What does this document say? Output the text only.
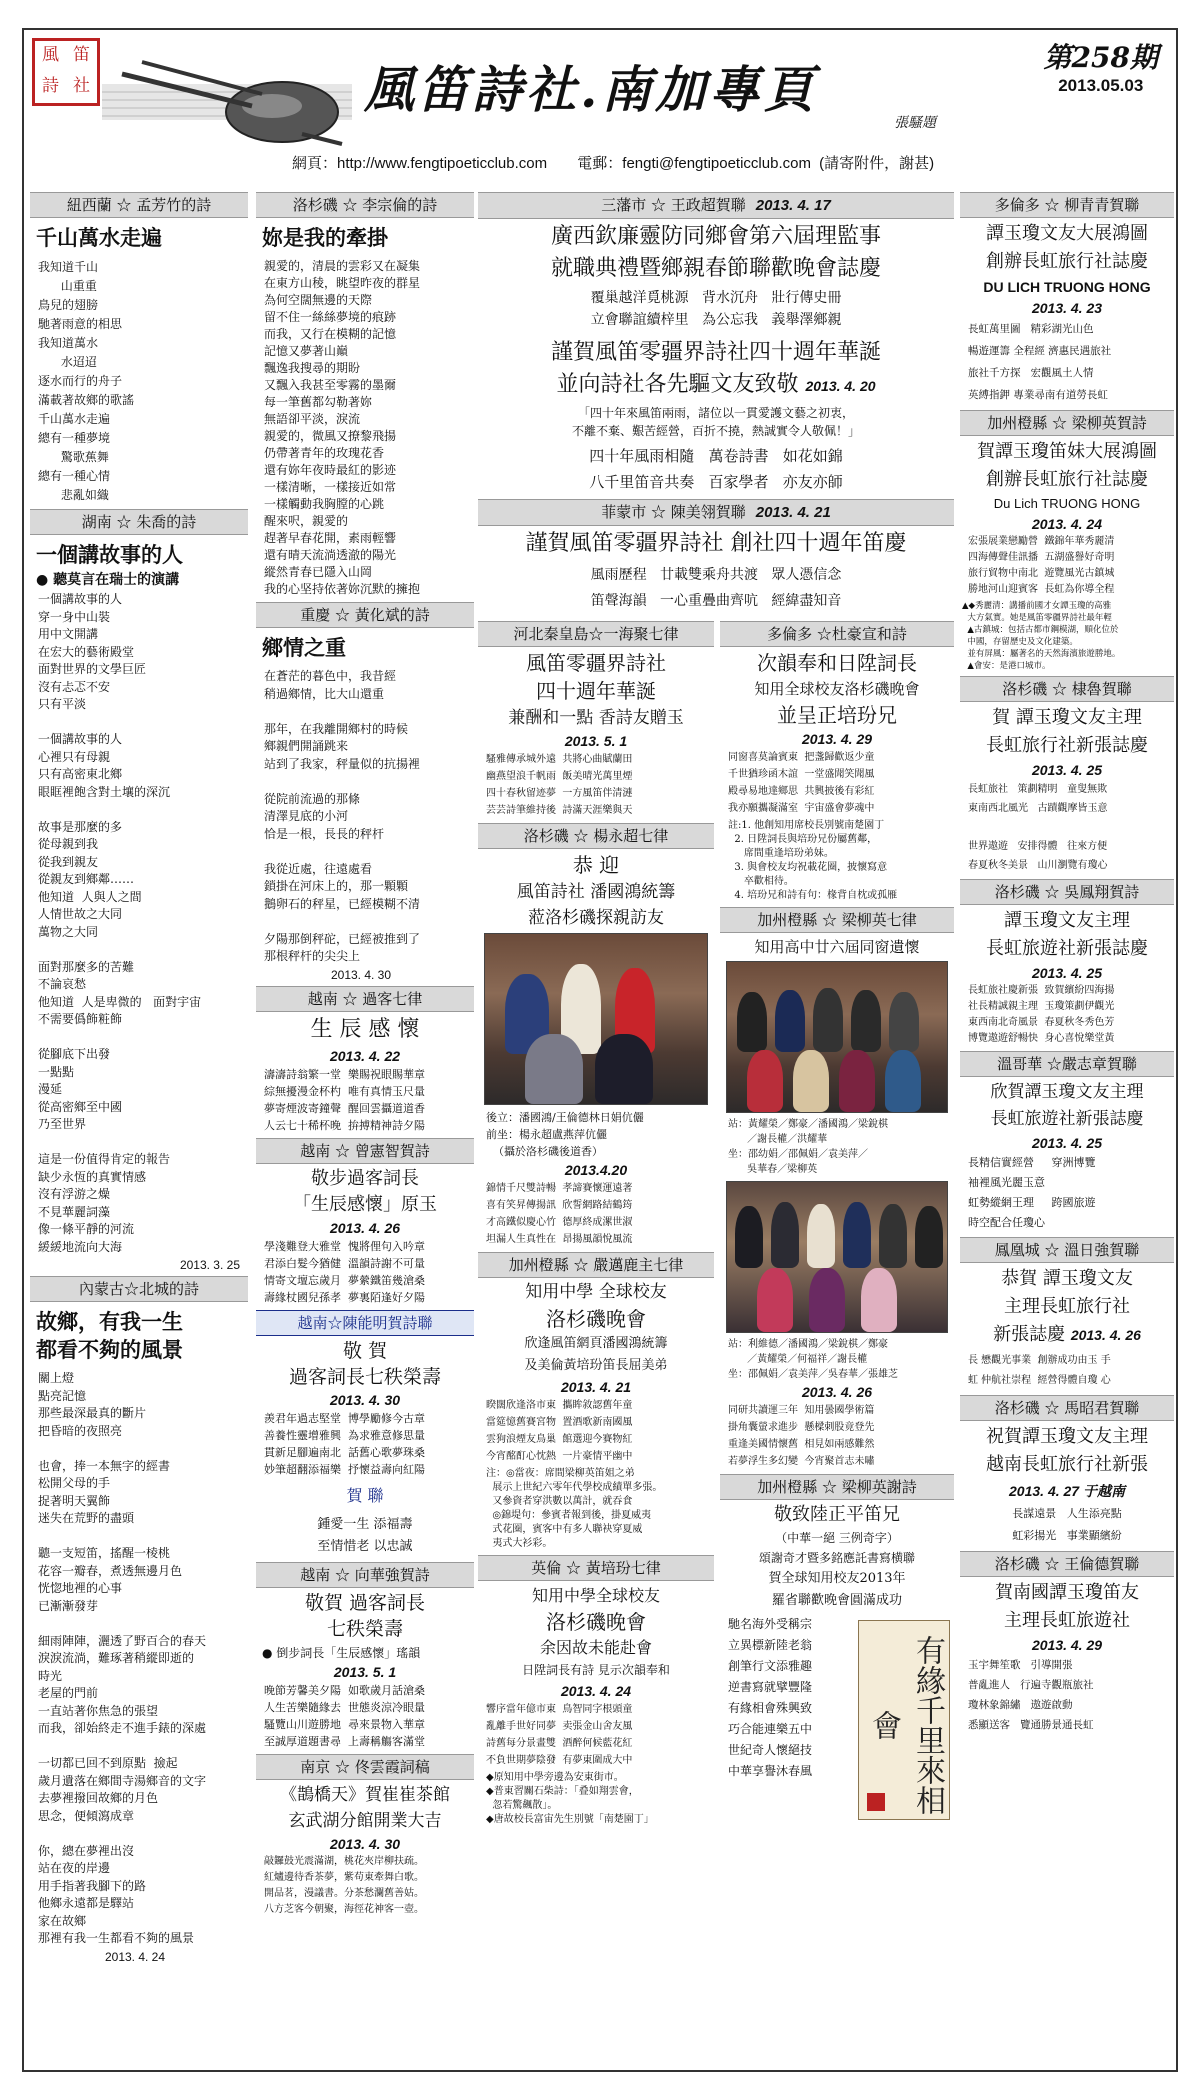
風 笛
詩 社	風笛詩社.南加專頁
張騷題
第258期
2013.05.03
網頁：http://www.fengtipoeticclub.com 電郵：fengti@fengtipoeticclub.com (請寄附件，謝甚)
紐西蘭 ☆ 孟芳竹的詩
千山萬水走遍
我知道千山
山重重
鳥兒的翅膀
馳著雨意的相思
我知道萬水
水迢迢
逐水而行的舟子
滿載著故鄉的歌謠
千山萬水走遍
總有一種夢境
驚歌蕉舞
總有一種心情
悲亂如織
湖南 ☆ 朱喬的詩
一個講故事的人
● 聽莫言在瑞士的演講
一個講故事的人
穿一身中山裝
用中文開講
在宏大的藝術殿堂
面對世界的文學巨匠
沒有忐忑不安
只有平淡

一個講故事的人
心裡只有母親
只有高密東北鄉
眼眶裡飽含對土壤的深沉

故事是那麼的多
從母親到我
從我到親友
從親友到鄉鄰……
他知道  人與人之間
人情世故之大同
萬物之大同

面對那麼多的苦難
不論哀愁
他知道  人是卑微的   面對宇宙
不需要僞飾粧飾

從腳底下出發
一點點
漫延
從高密鄉至中國
乃至世界

這是一份值得肯定的報告
缺少永恆的真實情感
沒有浮游之燥
不見華麗詞藻
像一條平靜的河流
緩緩地流向大海
2013. 3. 25
內蒙古☆北城的詩
故鄉，有我一生
都看不夠的風景
關上燈
點亮記憶
那些最深最真的斷片
把昏暗的夜照亮

也會，捧一本無字的經書
松開父母的手
捉著明天翼飾
迷失在荒野的盡頭

聽一支短笛，搖醒一棱桃
花容一瓣春，煮透無邊月色
恍惚地裡的心事
已漸漸發芽

細雨陣陣，灑透了野百合的春天
淚淚流淌，難琢著稍縱即逝的
時光
老屋的門前
一直站著你焦急的張望
而我，卻始終走不進手錶的深處

一切都已回不到原點  撿起
歲月遺落在鄉間寺湯鄉音的文字
去夢裡撥回故鄉的月色
思念，便傾瀉成章

你，總在夢裡出沒
站在夜的岸邊
用手指著我腳下的路
他鄉永遠都是驛站
家在故鄉
那裡有我一生都看不夠的風景
2013. 4. 24
洛杉磯 ☆ 李宗倫的詩
妳是我的牽掛
親愛的，清晨的雲彩又在凝集
在東方山稜，眺望昨夜的群星
為何空闊無邊的天際
留不住一絲絲夢境的痕跡
而我，又行在模糊的記憶
記憶又夢著山巔
飄逸我搜尋的期盼
又飄入我甚至零霧的墨爾
每一筆舊都勾勒著妳
無語卻平淡，淚流
親愛的，微風又撩黎飛揚
仍帶著青年的玫瑰花香
還有妳年夜時最紅的影迹
一樣清晰，一樣接近如常
一樣觸動我胸膛的心跳
醒來呎，親愛的
趕著早春花開，素雨輕響
還有晴天流淌透澈的陽光
縱然青春已隱入山岡
我的心坚持依著妳沉默的擁抱
重慶 ☆ 黃化斌的詩
鄉情之重
在蒼茫的暮色中，我昔經
稍過鄉情，比大山還重

那年，在我離開鄉村的時候
鄉親們開誦跳来
站到了我家，秤量似的抗揚裡

從院前流過的那條
清澤見底的小河
恰是一根，長長的秤杆

我從近處，往遠處看
鎖掛在河床上的，那一顆顆
鵝卵石的秤星，已經模糊不清

夕陽那倒秤砣，已經被推到了
那根秤杆的尖尖上
2013. 4. 30
越南 ☆ 過客七律
生 辰 感 懷
2013. 4. 22
濤濤詩翁繁一堂  樂賜祝眼賜華章
綜無擾漫金杯杓  唯有真情玉尺量
夢寄煙波寄鐘聲  醒回雲攝道道香
人云七十稀杯晚  拚搏精神詩夕陽
越南 ☆ 曾憲智賀詩
敬步過客詞長
「生辰感懷」原玉
2013. 4. 26
學淺難登大雅堂  愧將俚句入吟章
君添白髮今猶健  溫韻詩謝不可量
情寄文壇忘歲月  夢縈鐵笛幾滄桑
壽緣杖國兒孫孝  夢裏陌逢好夕陽
越南☆陳能明賀詩聯
敬 賀
過客詞長七秩榮壽
2013. 4. 30
羨君年過志堅堂  博學勵修今古章
善養性靈增雅興  為求雅意修思量
貫新足腳遍南北  話舊心歌夢珠桑
妙筆超翻添福樂  抒懷益壽向紅陽
賀 聯
鍾愛一生 添福壽
至情惜老 以忠誠
越南 ☆ 向華強賀詩
敬賀 過客詞長
七秩榮壽
● 倒步詞長「生辰感懷」瑤韻
2013. 5. 1
晚節芳馨美夕陽  如歌歲月話滄桑
人生苦樂隨緣去  世態炎涼冷眼量
騷覽山川遊勝地  尋來景物入華章
至誠厚道題書尋  上壽稱觴客滿堂
南京 ☆ 佟雲霞詞稿
《鵲橋天》賀崔崔茶館
玄武湖分館開業大吉
2013. 4. 30
敲鑼鼓光震滿湖，桃花夾岸柳扶疏。
紅爐邊待香茶夢，紫苟東牽舞白歌。
開品茗，漫議書。分茶愁瀾舊善姑。
八方芝客今朝聚，海徑花神客一壺。
三藩市 ☆ 王政超賀聯 2013. 4. 17
廣西欽廉靈防同鄉會第六屆理監事
就職典禮暨鄉親春節聯歡晚會誌慶
覆巢越洋覓桃源   背水沉舟   壯行傳史冊
立會聯誼續梓里   為公忘我   義舉澤鄉親
謹賀風笛零疆界詩社四十週年華誕
並向詩社各先驅文友致敬 2013. 4. 20
「四十年來風笛兩雨，諸位以一貫愛護文藝之初衷，
不離不棄、艱苦經營，百折不撓，熱誠實令人敬佩！」
四十年風雨相隨   萬卷詩書   如花如錦
八千里笛音共奏   百家學者   亦友亦師
菲蒙市 ☆ 陳美翎賀聯 2013. 4. 21
謹賀風笛零疆界詩社 創社四十週年笛慶
風雨歷程   廿載雙乘舟共渡   眾人憑信念
笛聲海韻   一心重疊曲齊吭   經緯盡知音
河北秦皇島☆一海聚七律
風笛零疆界詩社
四十週年華誕
兼酬和一點 香詩友贈玉
2013. 5. 1
騷雅傳承城外遠  共將心曲賦蘭田
幽燕望浪千帆雨  飯美晴光萬里煙
四十春秋留迹夢  一方風笛伴清漣
芸芸詩筆維持後  詩滿天涯樂與天
洛杉磯 ☆ 楊永超七律
恭 迎
風笛詩社 潘國鴻統籌
蒞洛杉磯探親訪友
後立：潘國鴻/王倫德林日娟伉儷
前坐：楊永超盧燕萍伉儷
（攝於洛杉磯後道香）
2013.4.20
錦情千尺雙詩暢  孝諦賽懷運遠著
喜有笑昇傳揚訊  欣誓網路結鶴筠
才高鐵似慶心竹  德厚終成漯世淑
坦漏人生真性在  昂揚風韻悅風流
加州橙縣 ☆ 嚴邁鹿主七律
知用中學 全球校友
洛杉磯晚會
欣逢風笛網頁潘國鴻統籌
及美倫黃培玢笛長屈美弟
2013. 4. 21
睽闊欣逢洛市東  攜眸敘認舊年童
當筵憶舊賽宮物  置酒歌新南國風
雲狗浪煙友鳥巢  館選迎今賽物紅
今宵酩酊心忱熱  一片豪情平幽中
注：◎當夜：席間梁柳英笛姐之弟
展示上世紀六零年代學校成績單多張。
又參資者穿洪數以萬計，就吞食
◎錦堤句：參賓者報到後，掛夏威夷
式花圈，賓客中有多人聯袂穿夏威
夷式大衫彩。
英倫 ☆ 黃培玢七律
知用中學全球校友
洛杉磯晚會
余因故未能赴會
日陞詞長有詩 見示次韻奉和
2013. 4. 24
響序當年億市東  鳥智同字根頭童
亂離手世好同夢  卖張金山舍友風
詩舊每分景畫雙  酒醉何候藍花紅
不負世期夢陰發  有夢東圍成大中
◆原知用中學旁邊為安東街市。
◆普東習關石柴詩：「叠如翔雲會，
忽若驚飆散」。
◆唐故校長富宙先生別號「南楚園丁」
多倫多 ☆杜豪宣和詩
次韻奉和日陞詞長
知用全球校友洛杉磯晚會
並呈正培玢兄
2013. 4. 29
同窗喜莫論賓東  把盞歸歡返少童
千世猶珍函木誼  一堂盛聞笑聞風
殿尋易地達鄉思  共興披後有彩紅
我亦願攜凝滿室  宇宙盛會夢魂中
註:1. 他創知用席校長別號南楚園丁
2. 日陞詞長與培玢兄份屬舊鄰，
席間重逢培玢弟妹。
3. 與會校友均祝載花圈，披懷寫意
卒歡相待。
4. 培玢兄和詩有句：椽背自枕或孤雁
加州橙縣 ☆ 梁柳英七律
知用高中廿六屆同窗遺懷
站：黃耀榮／鄭豪／潘國鴻／梁銳棋
／謝長權／洪耀華
坐：邵幼娟／邵佩娟／袁美萍／
吳華春／梁柳英
站：利維德／潘國鴻／梁銳棋／鄭豪
／黃耀榮／何福祥／謝長權
坐：邵佩娟／袁美萍／吳春華／張雄芝
2013. 4. 26
同研共讀運三年  知用曇國學術篇
掛角囊螢求進步  懸樑刺股竟登先
重逢美國情懷舊  相見如兩感難然
若夢浮生多幻變  今宵聚首志未嘯
加州橙縣 ☆ 梁柳英謝詩
敬致陸正平笛兄
（中華一絕 三例奇字）
頌謝奇才暨多銘應託書寫横聯
賀全球知用校友2013年
羅省聯歡晚會圓滿成功
馳名海外受稱宗
立異標新陸老翁
創筆行文添雅趣
逆書寫就擘豐隆
有緣相會殊興致
巧合能連樂五中
世紀奇人懷絕技
中華享譽沐春風	有緣千里來相會
多倫多 ☆ 柳青青賀聯
譚玉瓊文友大展鴻圖
創辦長虹旅行社誌慶
DU LICH TRUONG HONG
2013. 4. 23
長虹萬里圖   精彩湖光山色
暢遊運籌 全程經 濟惠民遇旅社
旅社千方探   宏觀風土人情
英縛指鉀 專業尋南有道勞長虹
加州橙縣 ☆ 梁柳英賀詩
賀譚玉瓊笛妹大展鴻圖
創辦長虹旅行社誌慶
Du Lich TRUONG HONG
2013. 4. 24
宏張展業戀勵營  鐵錦年華秀麗清
四海傳聲佳訊播  五湖盛譽好奇明
旅行貿物中南北  遊覽風光古鎮城
勝地河山迎賓客  長虹為你導全程
▲◆秀麗清：講播前國才女譚玉瓊的高雅
大方氣實。她是風笛零疆界詩社最年輕
▲古鎮城：包括古都市鋼模湖，順化位於
中國，存留歷史及文化建築。
並有屏風：屬著名的天然海濱旅遊勝地。
▲會安：是港口城市。
洛杉磯 ☆ 棣魯賀聯
賀 譚玉瓊文友主理
長虹旅行社新張誌慶
2013. 4. 25
長虹旅社   策劃精明   童叟無欺
東南西北風光   古蹟觀摩皆玉意

世界遨遊   安排得體   往來方便
春夏秋冬美景   山川瀏覽有瓊心
洛杉磯 ☆ 吳鳳翔賀詩
譚玉瓊文友主理
長虹旅遊社新張誌慶
2013. 4. 25
長虹旅社慶新張  致賀繽紛四海揚
社長精誠親主理  玉瓊策劃伊觀光
東西南北奇風景  春夏秋冬秀色芳
博覽遨遊舒暢快  身心喜悅樂堂黃
溫哥華 ☆嚴志章賀聯
欣賀譚玉瓊文友主理
長虹旅遊社新張誌慶
2013. 4. 25
長精信實經營     穿洲博覽
袖裡風光麗玉意
虹勢縱網王理     跨國旅遊
時空配合任瓊心
鳳凰城 ☆ 溫日強賀聯
恭賀 譚玉瓊文友
主理長虹旅行社
新張誌慶 2013. 4. 26
長 懋觀光事業  創辦成功由玉 手
虹 仲航社崇程  經營得體自瓊 心
洛杉磯 ☆ 馬昭君賀聯
祝賀譚玉瓊文友主理
越南長虹旅行社新張
2013. 4. 27 于越南
長謀遠景   人生添亮點
虹彩揚光   事業顯繽紛
洛杉磯 ☆ 王倫德賀聯
賀南國譚玉瓊笛友
主理長虹旅遊社
2013. 4. 29
玉宇舞笙歌   引導開張
普亂進人   行遍寺觀瓶旅社
瓊林象錦繡   遨遊啟動
悉顯送客   覽通勝景通長虹
